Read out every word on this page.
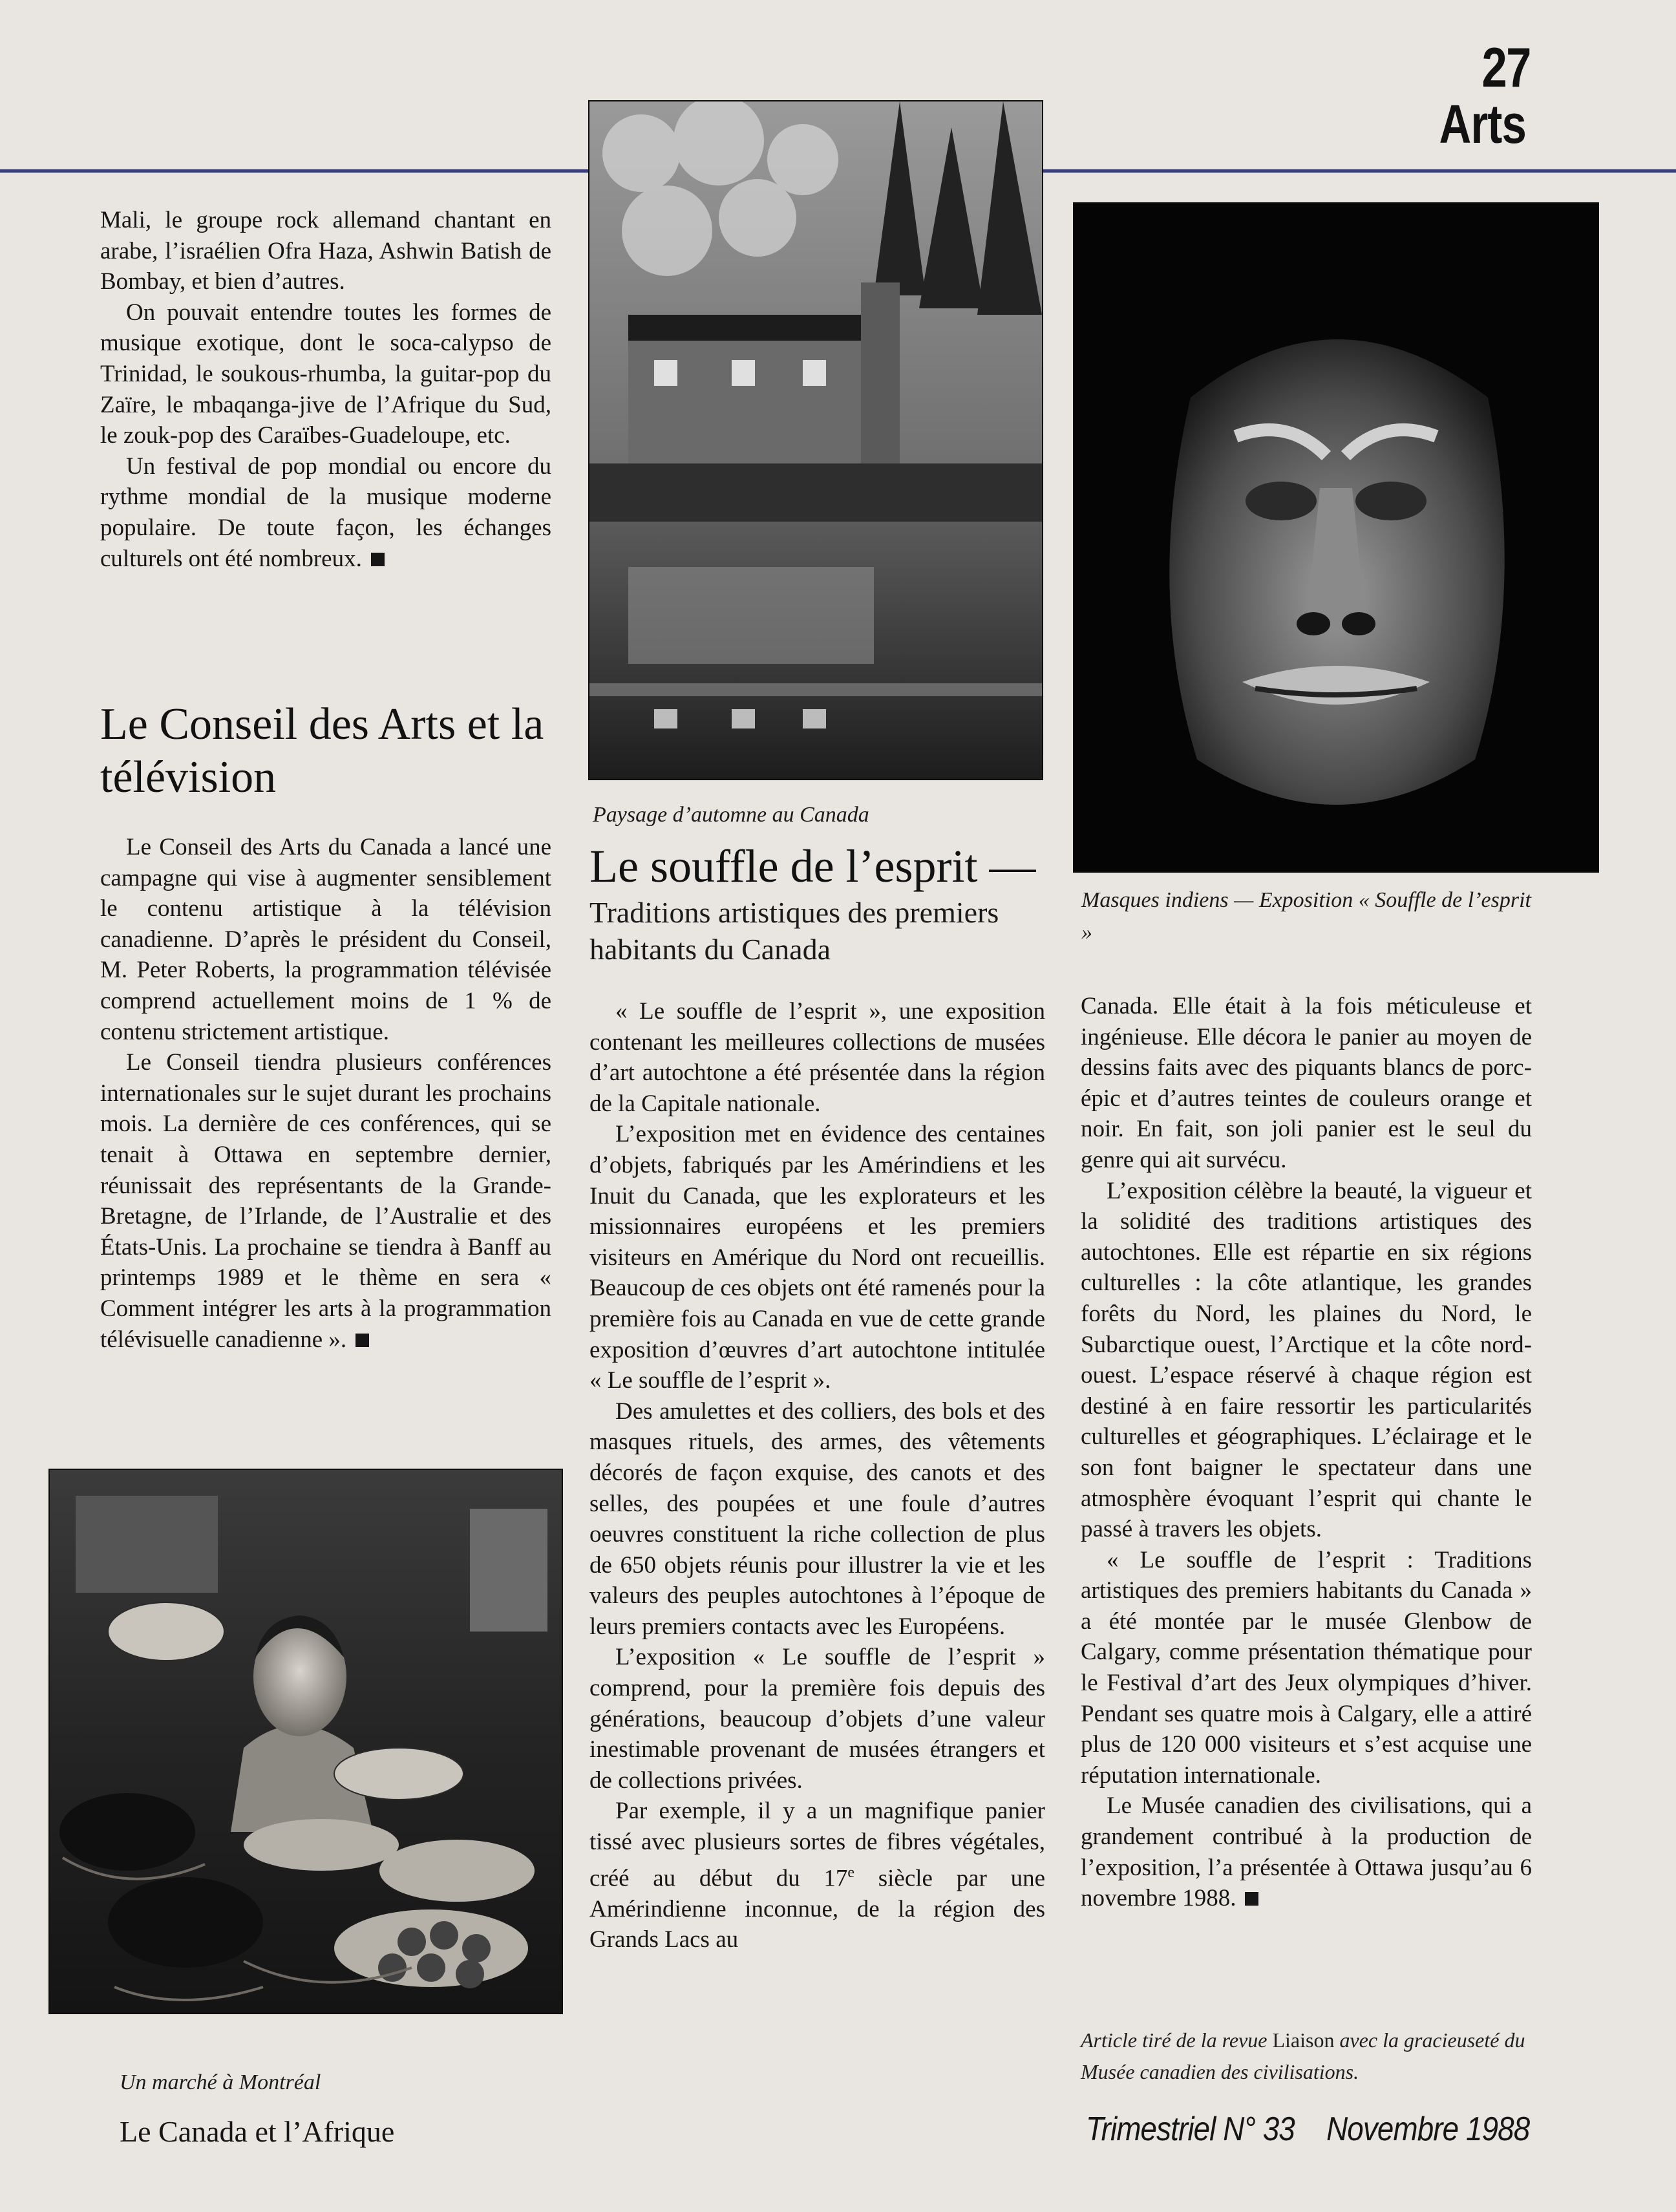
27
Arts

Mali, le groupe rock allemand chantant en arabe, l’israélien Ofra Haza, Ashwin Batish de Bombay, et bien d’autres.

On pouvait entendre toutes les formes de musique exotique, dont le soca-calypso de Trinidad, le soukous-rhumba, la guitar-pop du Zaïre, le mbaqanga-jive de l’Afrique du Sud, le zouk-pop des Caraïbes-Guadeloupe, etc.

Un festival de pop mondial ou encore du rythme mondial de la musique moderne populaire. De toute façon, les échanges culturels ont été nombreux.

Le Conseil des Arts et la télévision

Le Conseil des Arts du Canada a lancé une campagne qui vise à augmenter sensiblement le contenu artistique à la télévision canadienne. D’après le président du Conseil, M. Peter Roberts, la programmation télévisée comprend actuellement moins de 1 % de contenu strictement artistique.

Le Conseil tiendra plusieurs conférences internationales sur le sujet durant les prochains mois. La dernière de ces conférences, qui se tenait à Ottawa en septembre dernier, réunissait des représentants de la Grande-Bretagne, de l’Irlande, de l’Australie et des États-Unis. La prochaine se tiendra à Banff au printemps 1989 et le thème en sera « Comment intégrer les arts à la programmation télévisuelle canadienne ».

Un marché à Montréal
Le Canada et l’Afrique
Paysage d’automne au Canada
Le souffle de l’esprit —
Traditions artistiques des premiers habitants du Canada

« Le souffle de l’esprit », une exposition contenant les meilleures collections de musées d’art autochtone a été présentée dans la région de la Capitale nationale.

L’exposition met en évidence des centaines d’objets, fabriqués par les Amérindiens et les Inuit du Canada, que les explorateurs et les missionnaires européens et les premiers visiteurs en Amérique du Nord ont recueillis. Beaucoup de ces objets ont été ramenés pour la première fois au Canada en vue de cette grande exposition d’œuvres d’art autochtone intitulée « Le souffle de l’esprit ».

Des amulettes et des colliers, des bols et des masques rituels, des armes, des vêtements décorés de façon exquise, des canots et des selles, des poupées et une foule d’autres oeuvres constituent la riche collection de plus de 650 objets réunis pour illustrer la vie et les valeurs des peuples autochtones à l’époque de leurs premiers contacts avec les Européens.

L’exposition « Le souffle de l’esprit » comprend, pour la première fois depuis des générations, beaucoup d’objets d’une valeur inestimable provenant de musées étrangers et de collections privées.

Par exemple, il y a un magnifique panier tissé avec plusieurs sortes de fibres végétales, créé au début du 17e siècle par une Amérindienne inconnue, de la région des Grands Lacs au

Masques indiens — Exposition « Souffle de l’esprit »

Canada. Elle était à la fois méticuleuse et ingénieuse. Elle décora le panier au moyen de dessins faits avec des piquants blancs de porc-épic et d’autres teintes de couleurs orange et noir. En fait, son joli panier est le seul du genre qui ait survécu.

L’exposition célèbre la beauté, la vigueur et la solidité des traditions artistiques des autochtones. Elle est répartie en six régions culturelles : la côte atlantique, les grandes forêts du Nord, les plaines du Nord, le Subarctique ouest, l’Arctique et la côte nord-ouest. L’espace réservé à chaque région est destiné à en faire ressortir les particularités culturelles et géographiques. L’éclairage et le son font baigner le spectateur dans une atmosphère évoquant l’esprit qui chante le passé à travers les objets.

« Le souffle de l’esprit : Traditions artistiques des premiers habitants du Canada » a été montée par le musée Glenbow de Calgary, comme présentation thématique pour le Festival d’art des Jeux olympiques d’hiver. Pendant ses quatre mois à Calgary, elle a attiré plus de 120 000 visiteurs et s’est acquise une réputation internationale.

Le Musée canadien des civilisations, qui a grandement contribué à la production de l’exposition, l’a présentée à Ottawa jusqu’au 6 novembre 1988.

Article tiré de la revue Liaison avec la gracieuseté du Musée canadien des civilisations.
Trimestriel N° 33 Novembre 1988
